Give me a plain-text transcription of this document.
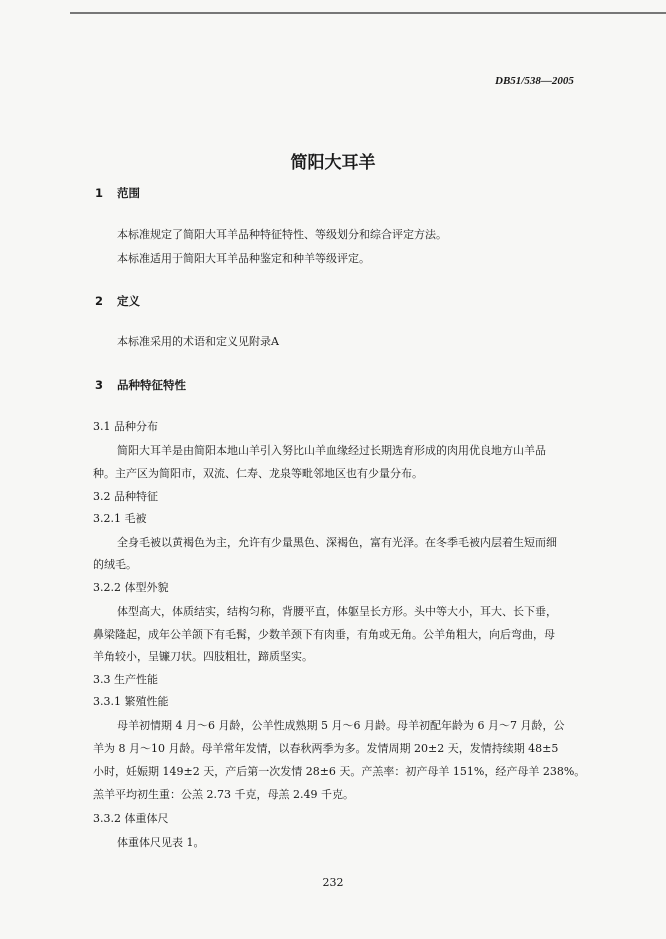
DB51/538—2005
简阳大耳羊
1 范围
本标准规定了简阳大耳羊品种特征特性、等级划分和综合评定方法。
本标准适用于简阳大耳羊品种鉴定和种羊等级评定。
2 定义
本标准采用的术语和定义见附录A
3 品种特征特性
3.1 品种分布
简阳大耳羊是由简阳本地山羊引入努比山羊血缘经过长期选育形成的肉用优良地方山羊品
种。主产区为简阳市，双流、仁寿、龙泉等毗邻地区也有少量分布。
3.2 品种特征
3.2.1 毛被
全身毛被以黄褐色为主，允许有少量黑色、深褐色，富有光泽。在冬季毛被内层着生短而细
的绒毛。
3.2.2 体型外貌
体型高大，体质结实，结构匀称，背腰平直，体躯呈长方形。头中等大小，耳大、长下垂，
鼻梁隆起，成年公羊颌下有毛髯，少数羊颈下有肉垂，有角或无角。公羊角粗大，向后弯曲，母
羊角较小，呈镰刀状。四肢粗壮，蹄质坚实。
3.3 生产性能
3.3.1 繁殖性能
母羊初情期 4 月～6 月龄，公羊性成熟期 5 月～6 月龄。母羊初配年龄为 6 月～7 月龄，公
羊为 8 月～10 月龄。母羊常年发情，以春秋两季为多。发情周期 20±2 天，发情持续期 48±5
小时，妊娠期 149±2 天，产后第一次发情 28±6 天。产羔率：初产母羊 151%，经产母羊 238%。
羔羊平均初生重：公羔 2.73 千克，母羔 2.49 千克。
3.3.2 体重体尺
体重体尺见表 1。
232
